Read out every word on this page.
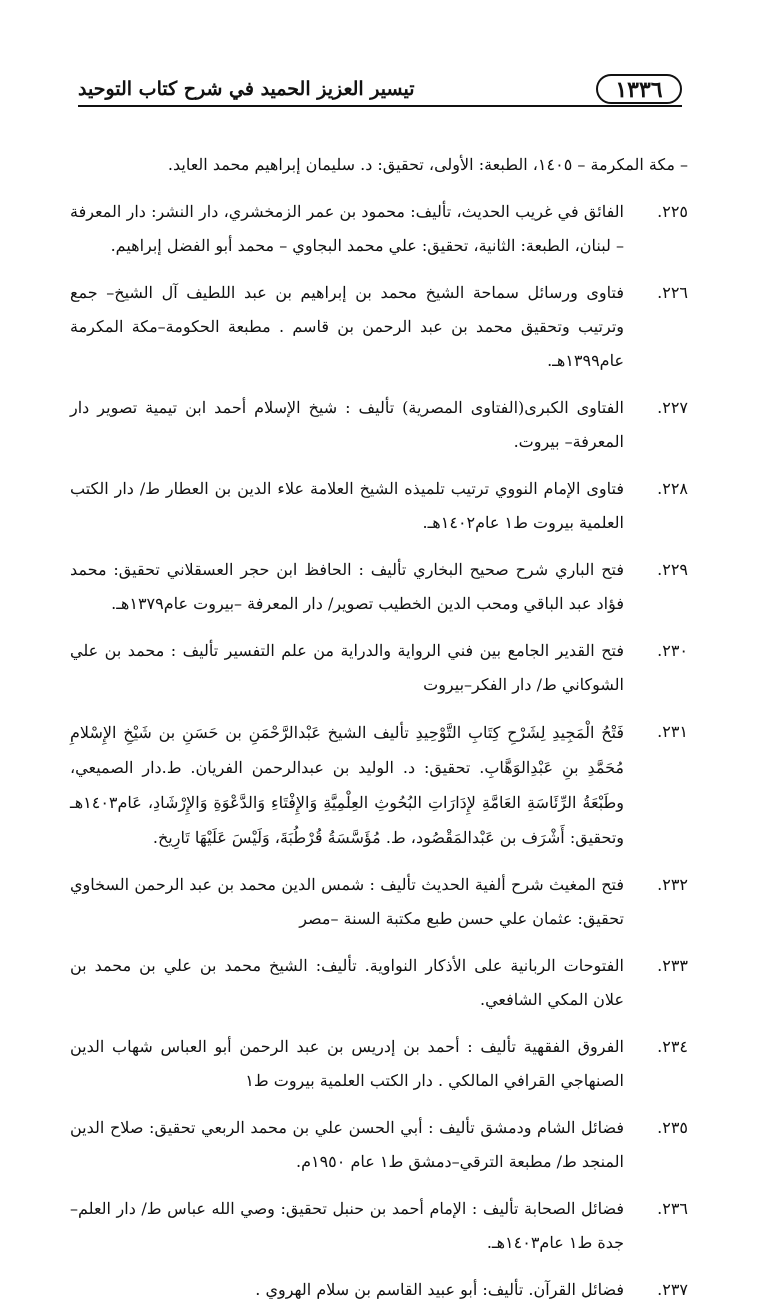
تيسير العزيز الحميد في شرح كتاب التوحيد	١٣٣٦
– مكة المكرمة – ١٤٠٥، الطبعة: الأولى، تحقيق: د. سليمان إبراهيم محمد العايد.
٢٢٥.
الفائق في غريب الحديث، تأليف: محمود بن عمر الزمخشري، دار النشر: دار المعرفة – لبنان، الطبعة: الثانية، تحقيق: علي محمد البجاوي – محمد أبو الفضل إبراهيم.
٢٢٦.
فتاوى ورسائل سماحة الشيخ محمد بن إبراهيم بن عبد اللطيف آل الشيخ– جمع وترتيب وتحقيق محمد بن عبد الرحمن بن قاسم . مطبعة الحكومة–مكة المكرمة عام١٣٩٩هـ.
٢٢٧.
الفتاوى الكبرى(الفتاوى المصرية) تأليف : شيخ الإسلام أحمد ابن تيمية تصوير دار المعرفة– بيروت.
٢٢٨.
فتاوى الإمام النووي ترتيب تلميذه الشيخ العلامة علاء الدين بن العطار ط/ دار الكتب العلمية بيروت ط١ عام١٤٠٢هـ.
٢٢٩.
فتح الباري شرح صحيح البخاري تأليف : الحافظ ابن حجر العسقلاني تحقيق: محمد فؤاد عبد الباقي ومحب الدين الخطيب تصوير/ دار المعرفة –بيروت عام١٣٧٩هـ.
٢٣٠.
فتح القدير الجامع بين فني الرواية والدراية من علم التفسير تأليف : محمد بن علي الشوكاني ط/ دار الفكر–بيروت
٢٣١.
فَتْحُ الْمَجِيدِ لِشَرْحِ كِتَابِ التَّوْحِيدِ تأليف الشيخ عَبْدالرَّحْمَنِ بن حَسَنِ بن شَيْخِ الإِسْلامِ مُحَمَّدِ بنِ عَبْدِالوَهَّابِ. تحقيق: د. الوليد بن عبدالرحمن الفريان. ط.دار الصميعي، وطَبْعَةُ الرِّئَاسَةِ العَامَّةِ لإِدَارَاتِ البُحُوثِ العِلْمِيَّةِ وَالإِفْتَاءِ وَالدَّعْوَةِ وَالإِرْشَادِ، عَام١٤٠٣هـ وتحقيق: أَشْرَف بن عَبْدالمَقْصُود، ط. مُؤَسَّسَةُ قُرْطُبَةَ، وَلَيْسَ عَلَيْهَا تَارِيخ.
٢٣٢.
فتح المغيث شرح ألفية الحديث تأليف : شمس الدين محمد بن عبد الرحمن السخاوي تحقيق: عثمان علي حسن طبع مكتبة السنة –مصر
٢٣٣.
الفتوحات الربانية على الأذكار النواوية. تأليف: الشيخ محمد بن علي بن محمد بن علان المكي الشافعي.
٢٣٤.
الفروق الفقهية تأليف : أحمد بن إدريس بن عبد الرحمن أبو العباس شهاب الدين الصنهاجي القرافي المالكي . دار الكتب العلمية بيروت ط١
٢٣٥.
فضائل الشام ودمشق تأليف : أبي الحسن علي بن محمد الربعي تحقيق: صلاح الدين المنجد ط/ مطبعة الترقي–دمشق ط١ عام ١٩٥٠م.
٢٣٦.
فضائل الصحابة تأليف : الإمام أحمد بن حنبل تحقيق: وصي الله عباس ط/ دار العلم–جدة ط١ عام١٤٠٣هـ.
٢٣٧.
فضائل القرآن. تأليف: أبو عبيد القاسم بن سلام الهروي .
